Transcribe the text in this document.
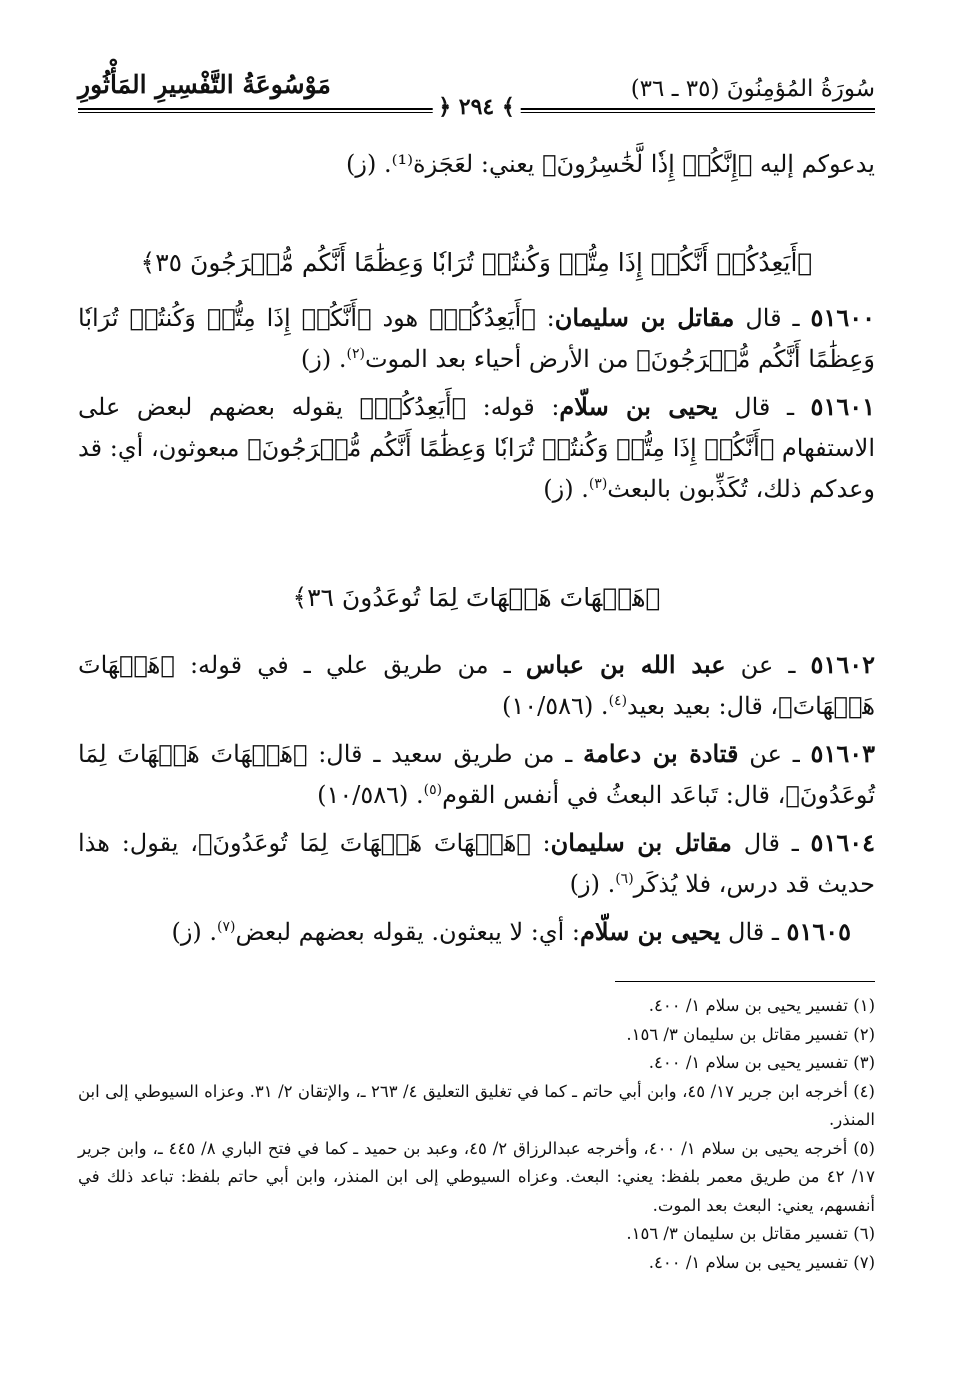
سُورَةُ المُؤمِنُونَ (٣٥ ـ ٣٦)
مَوْسُوعَةُ التَّفْسِيرِ المَأْثُورِ
﴾ ٢٩٤ ﴿

يدعوكم إليه ﴿إِنَّكُمۡ إِذٗا لَّخَٰسِرُونَ﴾ يعني: لعَجَزة⁽¹⁾. (ز)

﴿أَيَعِدُكُمۡ أَنَّكُمۡ إِذَا مِتُّمۡ وَكُنتُمۡ تُرَابٗا وَعِظَٰمًا أَنَّكُم مُّخۡرَجُونَ ٣٥﴾

٥١٦٠٠ ـ قال مقاتل بن سليمان: ﴿أَيَعِدُكُمۡ﴾ هود ﴿أَنَّكُمۡ إِذَا مِتُّمۡ وَكُنتُمۡ تُرَابٗا وَعِظَٰمًا أَنَّكُم مُّخۡرَجُونَ﴾ من الأرض أحياء بعد الموت$^{(٢)}$. (ز)

٥١٦٠١ ـ قال يحيى بن سلّام: قوله: ﴿أَيَعِدُكُمۡ﴾ يقوله بعضهم لبعض على الاستفهام ﴿أَنَّكُمۡ إِذَا مِتُّمۡ وَكُنتُمۡ تُرَابٗا وَعِظَٰمًا أَنَّكُم مُّخۡرَجُونَ﴾ مبعوثون، أي: قد وعدكم ذلك، تُكَذِّبون بالبعث$^{(٣)}$. (ز)

﴿هَيۡهَاتَ هَيۡهَاتَ لِمَا تُوعَدُونَ ٣٦﴾

٥١٦٠٢ ـ عن عبد الله بن عباس ـ من طريق علي ـ في قوله: ﴿هَيۡهَاتَ هَيۡهَاتَ﴾، قال: بعيد بعيد$^{(٤)}$. (١٠/٥٨٦)

٥١٦٠٣ ـ عن قتادة بن دعامة ـ من طريق سعيد ـ قال: ﴿هَيۡهَاتَ هَيۡهَاتَ لِمَا تُوعَدُونَ﴾، قال: تَباعَد البعثُ في أنفس القوم$^{(٥)}$. (١٠/٥٨٦)

٥١٦٠٤ ـ قال مقاتل بن سليمان: ﴿هَيۡهَاتَ هَيۡهَاتَ لِمَا تُوعَدُونَ﴾، يقول: هذا حديث قد درس، فلا يُذكَر$^{(٦)}$. (ز)

٥١٦٠٥ ـ قال يحيى بن سلّام: أي: لا يبعثون. يقوله بعضهم لبعض$^{(٧)}$. (ز)

(١) تفسير يحيى بن سلام ١/ ٤٠٠.

(٢) تفسير مقاتل بن سليمان ٣/ ١٥٦.

(٣) تفسير يحيى بن سلام ١/ ٤٠٠.

(٤) أخرجه ابن جرير ١٧/ ٤٥، وابن أبي حاتم ـ كما في تغليق التعليق ٤/ ٢٦٣ ـ، والإتقان ٢/ ٣١. وعزاه السيوطي إلى ابن المنذر.

(٥) أخرجه يحيى بن سلام ١/ ٤٠٠، وأخرجه عبدالرزاق ٢/ ٤٥، وعبد بن حميد ـ كما في فتح الباري ٨/ ٤٤٥ ـ، وابن جرير ١٧/ ٤٢ من طريق معمر بلفظ: يعني: البعث. وعزاه السيوطي إلى ابن المنذر، وابن أبي حاتم بلفظ: تباعد ذلك في أنفسهم، يعني: البعث بعد الموت.

(٦) تفسير مقاتل بن سليمان ٣/ ١٥٦.

(٧) تفسير يحيى بن سلام ١/ ٤٠٠.
